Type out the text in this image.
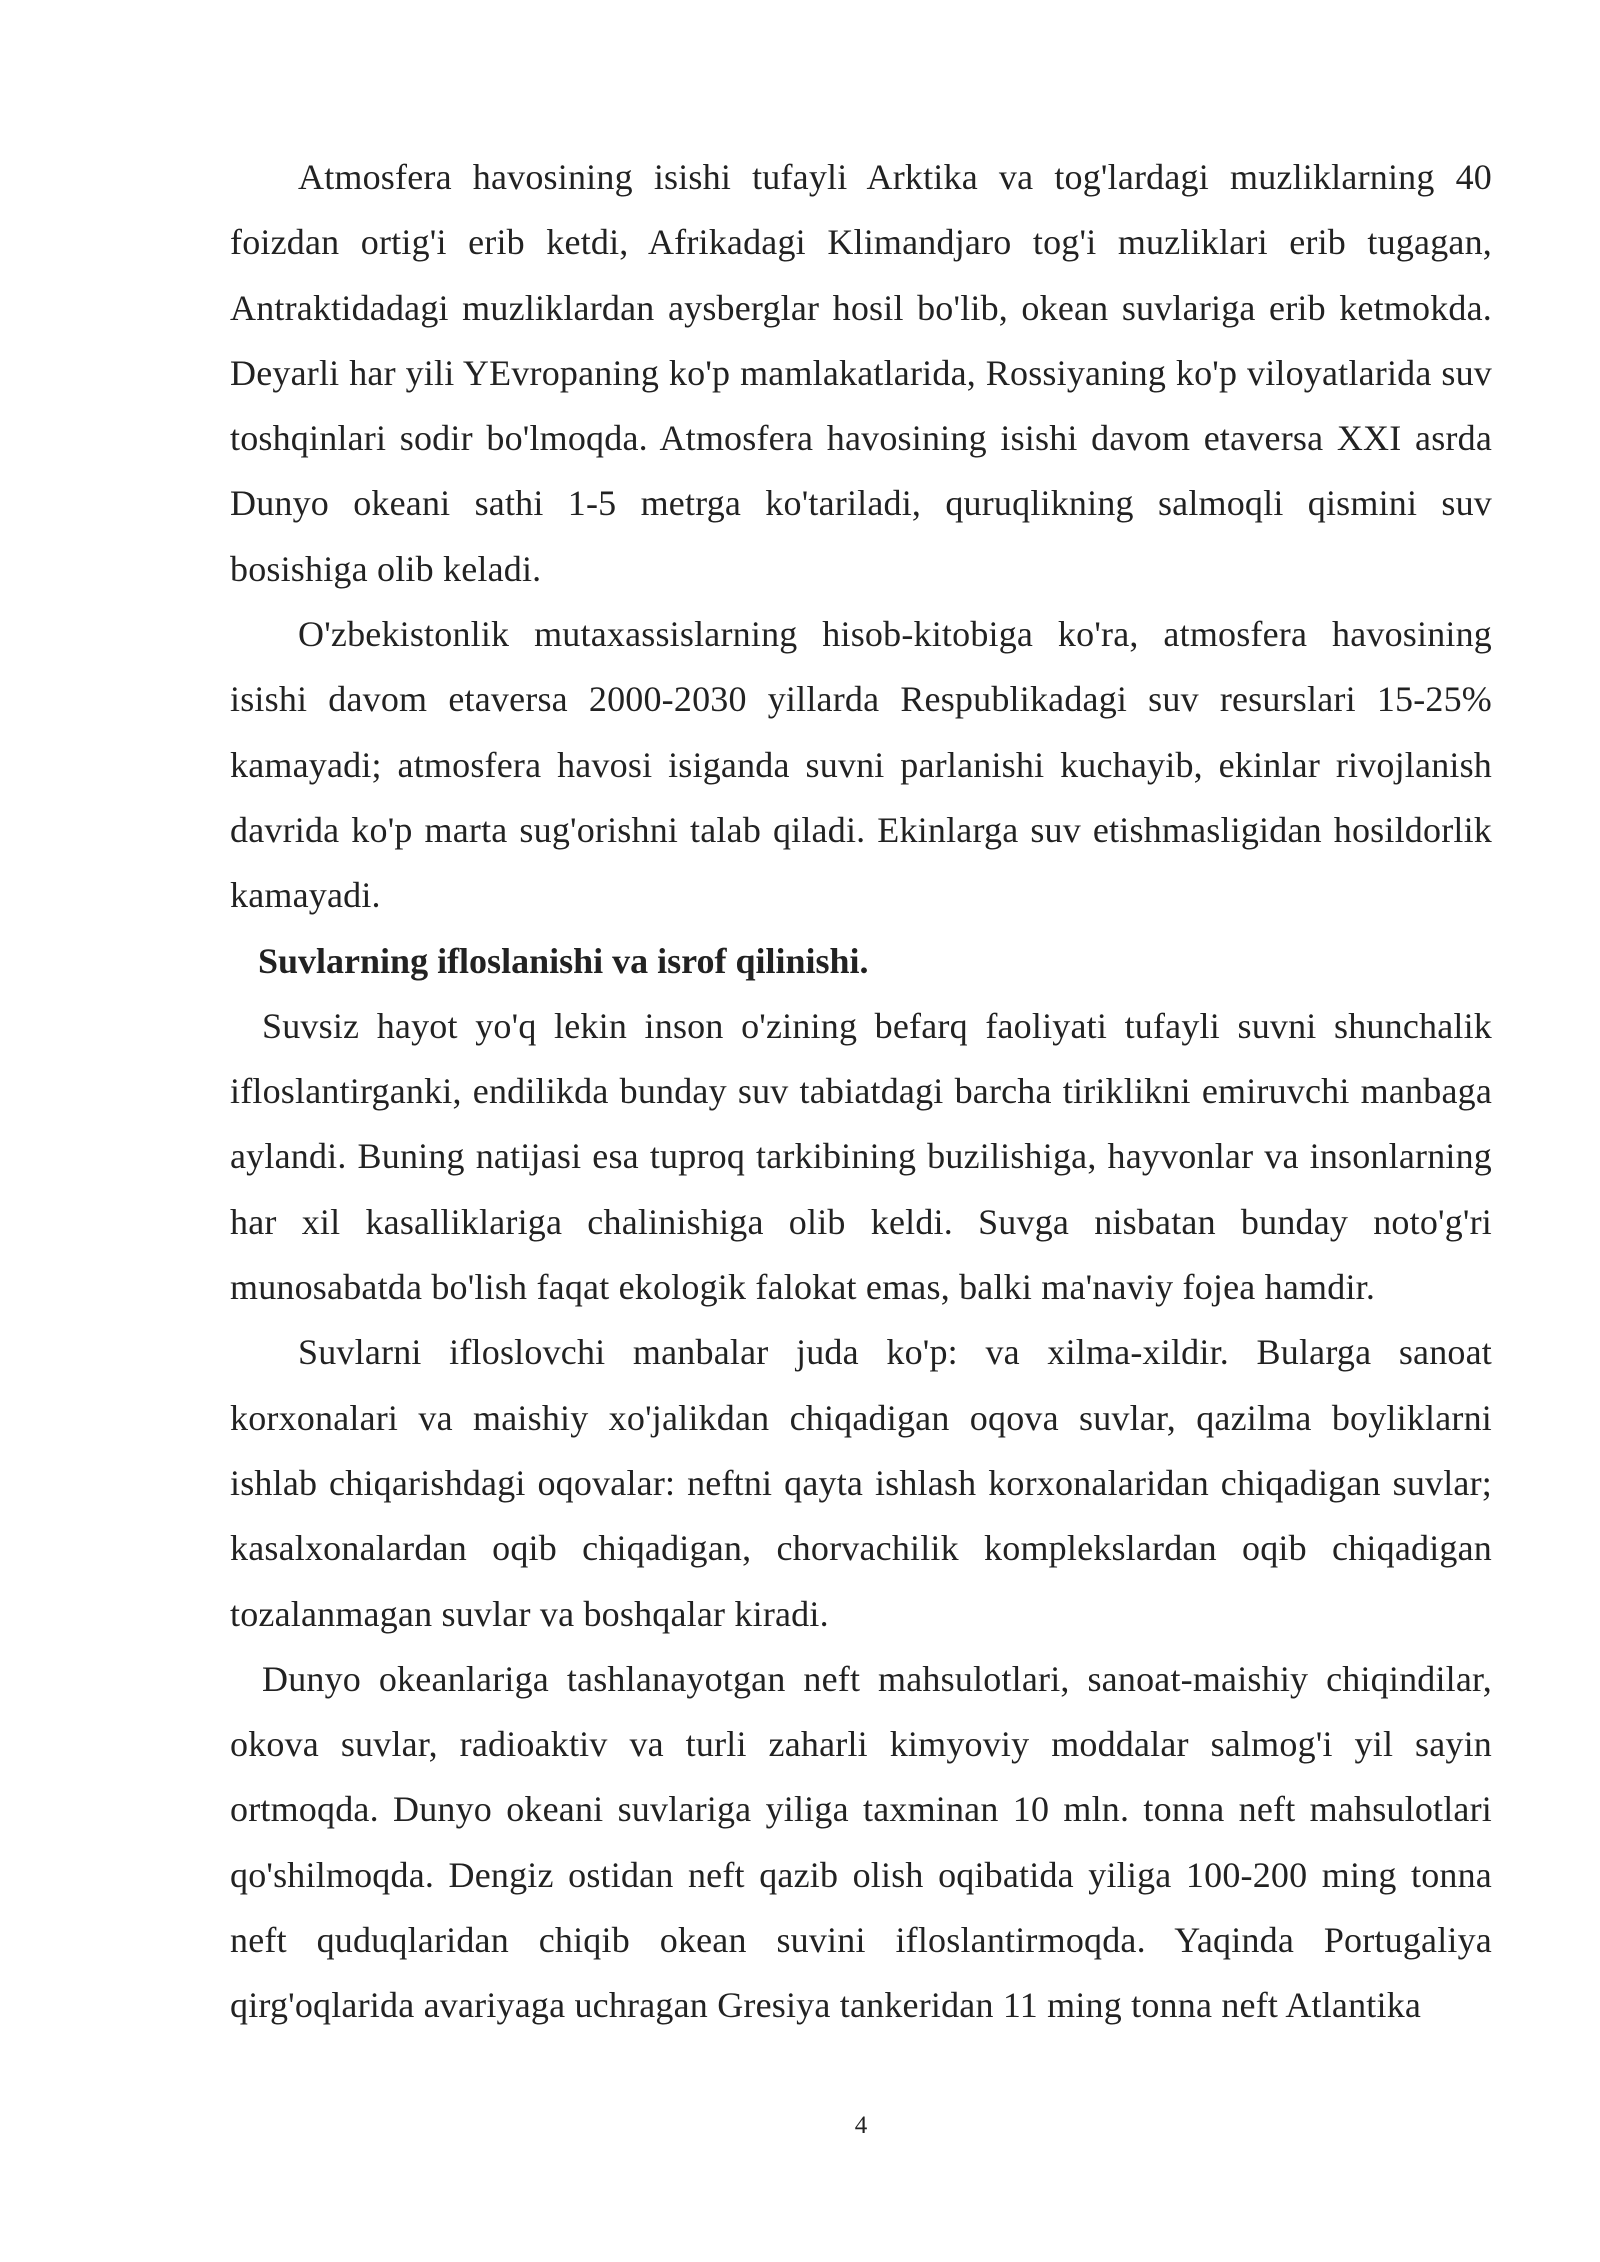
Atmosfera havosining isishi tufayli Arktika va tog'lardagi muzliklarning 40 foizdan ortig'i erib ketdi, Afrikadagi Klimandjaro tog'i muzliklari erib tugagan, Antraktidadagi muzliklardan aysberglar hosil bo'lib, okean suvlariga erib ketmokda. Deyarli har yili YEvropaning ko'p mamlakatlarida, Rossiyaning ko'p viloyatlarida suv toshqinlari sodir bo'lmoqda. Atmosfera havosining isishi davom etaversa XXI asrda Dunyo okeani sathi 1-5 metrga ko'tariladi, quruqlikning salmoqli qismini suv bosishiga olib keladi.

O'zbekistonlik mutaxassislarning hisob-kitobiga ko'ra, atmosfera havosining isishi davom etaversa 2000-2030 yillarda Respublikadagi suv resurslari 15-25% kamayadi; atmosfera havosi isiganda suvni parlanishi kuchayib, ekinlar rivojlanish davrida ko'p marta sug'orishni talab qiladi. Ekinlarga suv etishmasligidan hosildorlik kamayadi.

Suvlarning ifloslanishi va isrof qilinishi.

Suvsiz hayot yo'q lekin inson o'zining befarq faoliyati tufayli suvni shunchalik ifloslantirganki, endilikda bunday suv tabiatdagi barcha tiriklikni emiruvchi manbaga aylandi. Buning natijasi esa tuproq tarkibining buzilishiga, hayvonlar va insonlarning har xil kasalliklariga chalinishiga olib keldi. Suvga nisbatan bunday noto'g'ri munosabatda bo'lish faqat ekologik falokat emas, balki ma'naviy fojea hamdir.

Suvlarni ifloslovchi manbalar juda ko'p: va xilma-xildir. Bularga sanoat korxonalari va maishiy xo'jalikdan chiqadigan oqova suvlar, qazilma boyliklarni ishlab chiqarishdagi oqovalar: neftni qayta ishlash korxonalaridan chiqadigan suvlar; kasalxonalardan oqib chiqadigan, chorvachilik komplekslardan oqib chiqadigan tozalanmagan suvlar va boshqalar kiradi.

Dunyo okeanlariga tashlanayotgan neft mahsulotlari, sanoat-maishiy chiqindilar, okova suvlar, radioaktiv va turli zaharli kimyoviy moddalar salmog'i yil sayin ortmoqda. Dunyo okeani suvlariga yiliga taxminan 10 mln. tonna neft mahsulotlari qo'shilmoqda. Dengiz ostidan neft qazib olish oqibatida yiliga 100-200 ming tonna neft quduqlaridan chiqib okean suvini ifloslantirmoqda. Yaqinda Portugaliya qirg'oqlarida avariyaga uchragan Gresiya tankeridan 11 ming tonna neft Atlantika

4
